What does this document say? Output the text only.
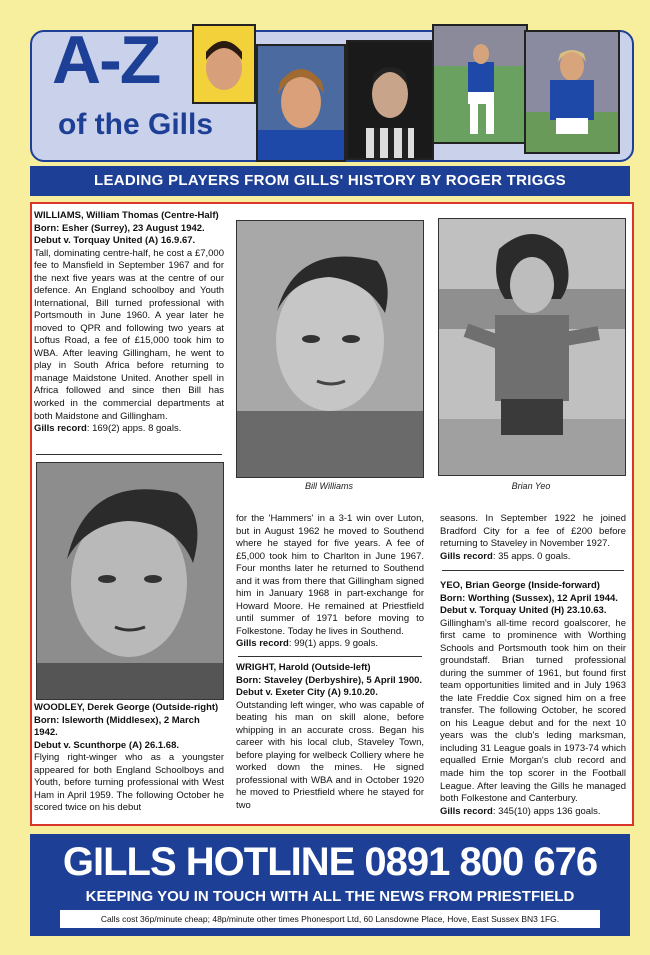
A-Z
of the Gills
LEADING PLAYERS FROM GILLS' HISTORY BY ROGER TRIGGS

WILLIAMS, William Thomas (Centre-Half)

Born: Esher (Surrey), 23 August 1942.

Debut v. Torquay United (A) 16.9.67.

Tall, dominating centre-half, he cost a £7,000 fee to Mansfield in September 1967 and for the next five years was at the centre of our defence. An England schoolboy and Youth International, Bill turned professional with Portsmouth in June 1960. A year later he moved to QPR and following two years at Loftus Road, a fee of £15,000 took him to WBA. After leaving Gillingham, he went to play in South Africa before returning to manage Maidstone United. Another spell in Africa followed and since then Bill has worked in the commercial departments at both Maidstone and Gillingham.

Gills record: 169(2) apps. 8 goals.

WOODLEY, Derek George (Outside-right)

Born: Isleworth (Middlesex), 2 March 1942.

Debut v. Scunthorpe (A) 26.1.68.

Flying right-winger who as a youngster appeared for both England Schoolboys and Youth, before turning professional with West Ham in April 1959. The following October he scored twice on his debut

Bill Williams

for the 'Hammers' in a 3-1 win over Luton, but in August 1962 he moved to Southend where he stayed for five years. A fee of £5,000 took him to Charlton in June 1967. Four months later he returned to Southend and it was from there that Gillingham signed him in January 1968 in part-exchange for Howard Moore. He remained at Priestfield until summer of 1971 before moving to Folkestone. Today he lives in Southend.

Gills record: 99(1) apps. 9 goals.

WRIGHT, Harold (Outside-left)

Born: Staveley (Derbyshire), 5 April 1900.

Debut v. Exeter City (A) 9.10.20.

Outstanding left winger, who was capable of beating his man on skill alone, before whipping in an accurate cross. Began his career with his local club, Staveley Town, before playing for welbeck Colliery where he worked down the mines. He signed professional with WBA and in October 1920 he moved to Priestfield where he stayed for two

Brian Yeo

seasons. In September 1922 he joined Bradford City for a fee of £200 before returning to Staveley in November 1927.

Gills record: 35 apps. 0 goals.

YEO, Brian George (Inside-forward)

Born: Worthing (Sussex), 12 April 1944.

Debut v. Torquay United (H) 23.10.63.

Gillingham's all-time record goalscorer, he first came to prominence with Worthing Schools and Portsmouth took him on their groundstaff. Brian turned professional during the summer of 1961, but found first team opportunities limited and in July 1963 the late Freddie Cox signed him on a free transfer. The following October, he scored on his League debut and for the next 10 years was the club's leding marksman, including 31 League goals in 1973-74 which equalled Ernie Morgan's club record and made him the top scorer in the Football League. After leaving the Gills he managed both Folkestone and Canterbury.

Gills record: 345(10) apps 136 goals.

GILLS HOTLINE 0891 800 676
KEEPING YOU IN TOUCH WITH ALL THE NEWS FROM PRIESTFIELD
Calls cost 36p/minute cheap; 48p/minute other times Phonesport Ltd, 60 Lansdowne Place, Hove, East Sussex BN3 1FG.
